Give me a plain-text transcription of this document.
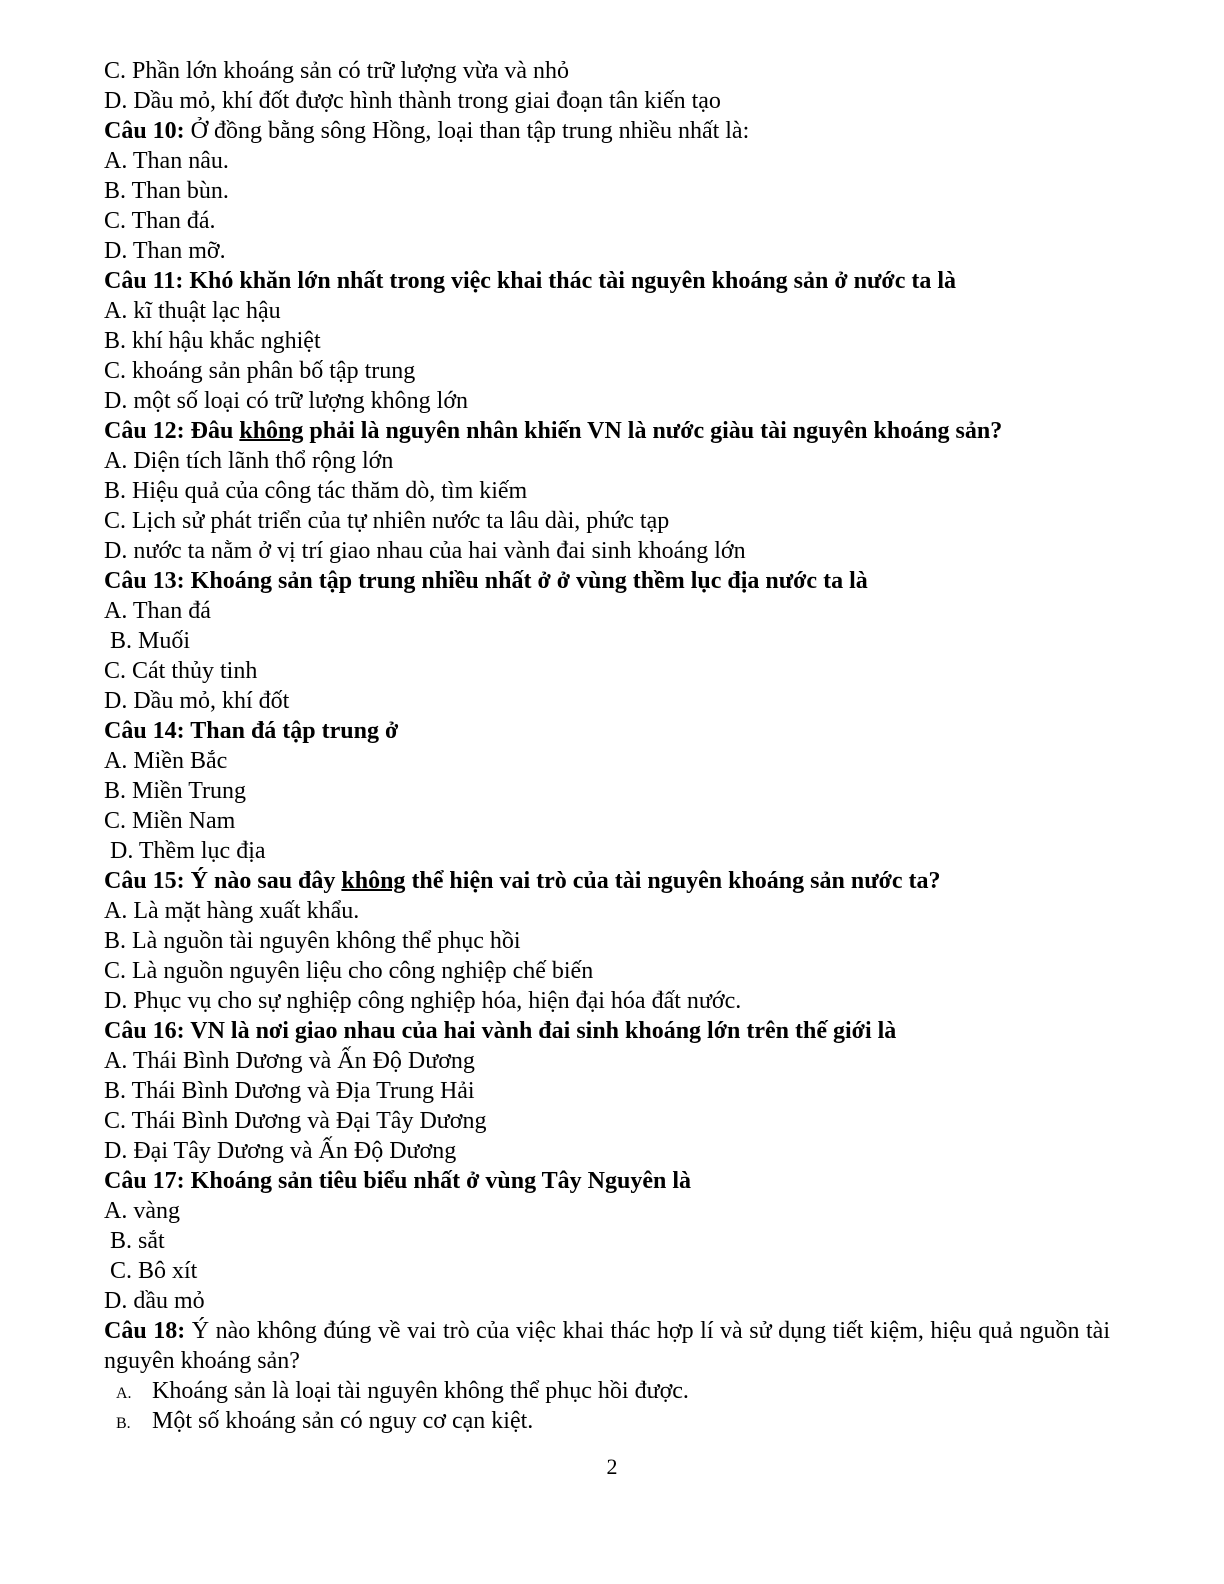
C. Phần lớn khoáng sản có trữ lượng vừa và nhỏ
D. Dầu mỏ, khí đốt được hình thành trong giai đoạn tân kiến tạo
Câu 10: Ở đồng bằng sông Hồng, loại than tập trung nhiều nhất là:
A. Than nâu.
B. Than bùn.
C. Than đá.
D. Than mỡ.
Câu 11: Khó khăn lớn nhất trong việc khai thác tài nguyên khoáng sản ở nước ta là
A. kĩ thuật lạc hậu
B. khí hậu khắc nghiệt
C. khoáng sản phân bố tập trung
D. một số loại có trữ lượng không lớn
Câu 12: Đâu không phải là nguyên nhân khiến VN là nước giàu tài nguyên khoáng sản?
A. Diện tích lãnh thổ rộng lớn
B. Hiệu quả của công tác thăm dò, tìm kiếm
C. Lịch sử phát triển của tự nhiên nước ta lâu dài, phức tạp
D. nước ta nằm ở vị trí giao nhau của hai vành đai sinh khoáng lớn
Câu 13: Khoáng sản tập trung nhiều nhất ở ở vùng thềm lục địa nước ta là
A. Than đá
B. Muối
C. Cát thủy tinh
D. Dầu mỏ, khí đốt
Câu 14: Than đá tập trung ở
A. Miền Bắc
B. Miền Trung
C. Miền Nam
D. Thềm lục địa
Câu 15: Ý nào sau đây không thể hiện vai trò của tài nguyên khoáng sản nước ta?
A. Là mặt hàng xuất khẩu.
B. Là nguồn tài nguyên không thể phục hồi
C. Là nguồn nguyên liệu cho công nghiệp chế biến
D. Phục vụ cho sự nghiệp công nghiệp hóa, hiện đại hóa đất nước.
Câu 16: VN là nơi giao nhau của hai vành đai sinh khoáng lớn trên thế giới là
A. Thái Bình Dương và Ấn Độ Dương
B. Thái Bình Dương và Địa Trung Hải
C. Thái Bình Dương và Đại Tây Dương
D. Đại Tây Dương và Ấn Độ Dương
Câu 17: Khoáng sản tiêu biểu nhất ở vùng Tây Nguyên là
A. vàng
B. sắt
C. Bô xít
D. dầu mỏ
Câu 18: Ý nào không đúng về vai trò của việc khai thác hợp lí và sử dụng tiết kiệm, hiệu quả nguồn tài nguyên khoáng sản?
A. Khoáng sản là loại tài nguyên không thể phục hồi được.
B. Một số khoáng sản có nguy cơ cạn kiệt.
2
